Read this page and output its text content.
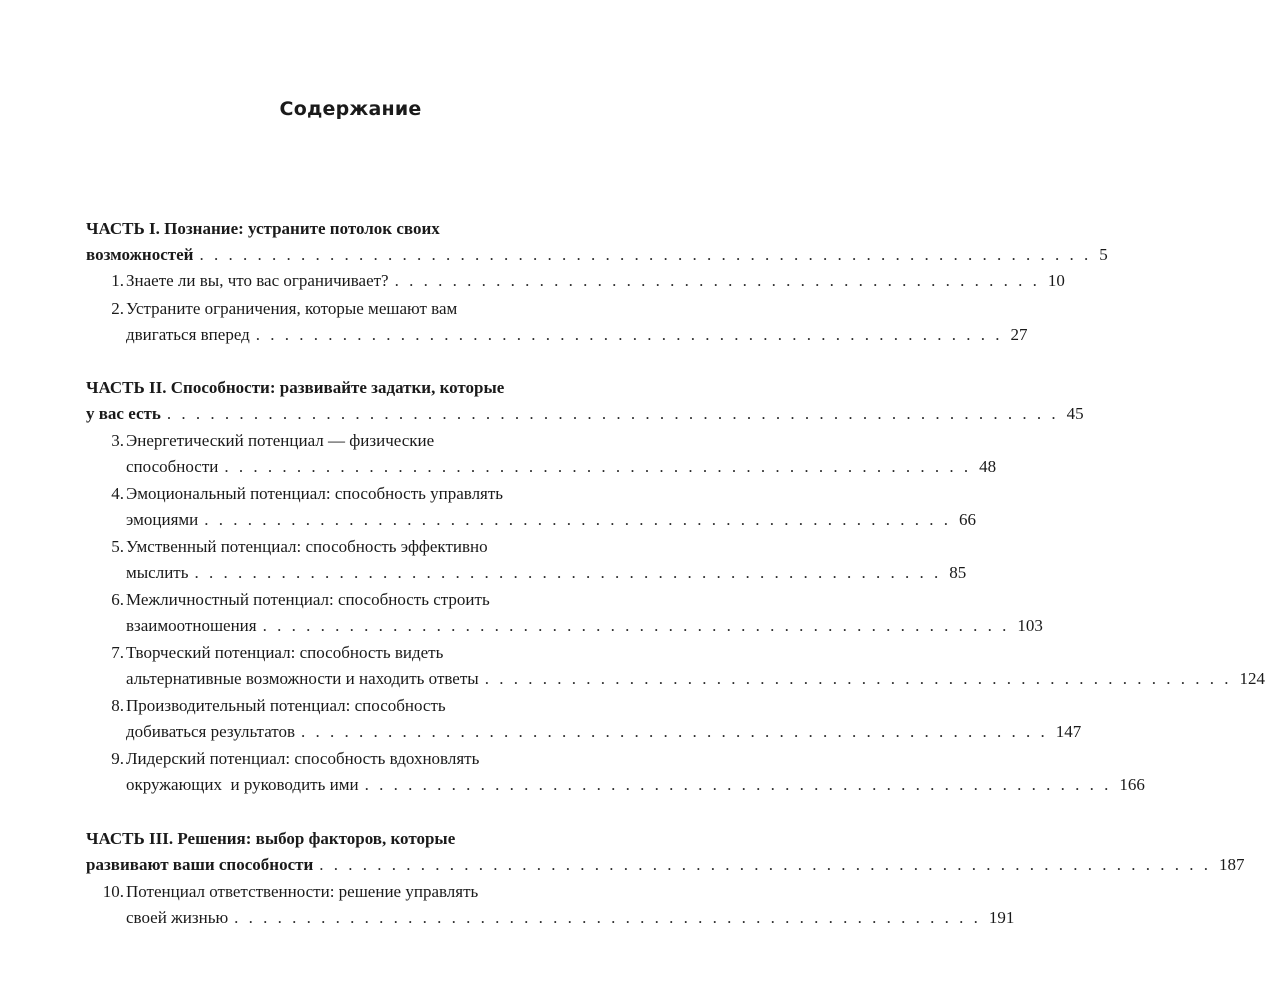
Содержание
ЧАСТЬ I. Познание: устраните потолок своих
возможностей . . . . . . . . . . . . . . . . . . . . . . . . . . . . . . . . . . . . . . . . . . . . . . . . . . . . . . . . . . . . . . 5
1. Знаете ли вы, что вас ограничивает? . . . . . . . . . . . . . . . . . . . . . . . . . . . . . . . . . . . . . . . . . . . . . 10
2. Устраните ограничения, которые мешают вам
двигаться вперед . . . . . . . . . . . . . . . . . . . . . . . . . . . . . . . . . . . . . . . . . . . . . . . . . . . . 27
ЧАСТЬ II. Способности: развивайте задатки, которые
у вас есть . . . . . . . . . . . . . . . . . . . . . . . . . . . . . . . . . . . . . . . . . . . . . . . . . . . . . . . . . . . . . . 45
3. Энергетический потенциал — физические
способности . . . . . . . . . . . . . . . . . . . . . . . . . . . . . . . . . . . . . . . . . . . . . . . . . . . . 48
4. Эмоциональный потенциал: способность управлять
эмоциями . . . . . . . . . . . . . . . . . . . . . . . . . . . . . . . . . . . . . . . . . . . . . . . . . . . . 66
5. Умственный потенциал: способность эффективно
мыслить . . . . . . . . . . . . . . . . . . . . . . . . . . . . . . . . . . . . . . . . . . . . . . . . . . . . 85
6. Межличностный потенциал: способность строить
взаимоотношения . . . . . . . . . . . . . . . . . . . . . . . . . . . . . . . . . . . . . . . . . . . . . . . . . . . . 103
7. Творческий потенциал: способность видеть
альтернативные возможности и находить ответы . . . . . . . . . . . . . . . . . . . . . . . . . . . . . . . . . . . . . . . . . . . . . . . . . . . . 124
8. Производительный потенциал: способность
добиваться результатов . . . . . . . . . . . . . . . . . . . . . . . . . . . . . . . . . . . . . . . . . . . . . . . . . . . . 147
9. Лидерский потенциал: способность вдохновлять
окружающих  и руководить ими . . . . . . . . . . . . . . . . . . . . . . . . . . . . . . . . . . . . . . . . . . . . . . . . . . . . 166
ЧАСТЬ III. Решения: выбор факторов, которые
развивают ваши способности . . . . . . . . . . . . . . . . . . . . . . . . . . . . . . . . . . . . . . . . . . . . . . . . . . . . . . . . . . . . . . 187
10. Потенциал ответственности: решение управлять
своей жизнью . . . . . . . . . . . . . . . . . . . . . . . . . . . . . . . . . . . . . . . . . . . . . . . . . . . . 191
